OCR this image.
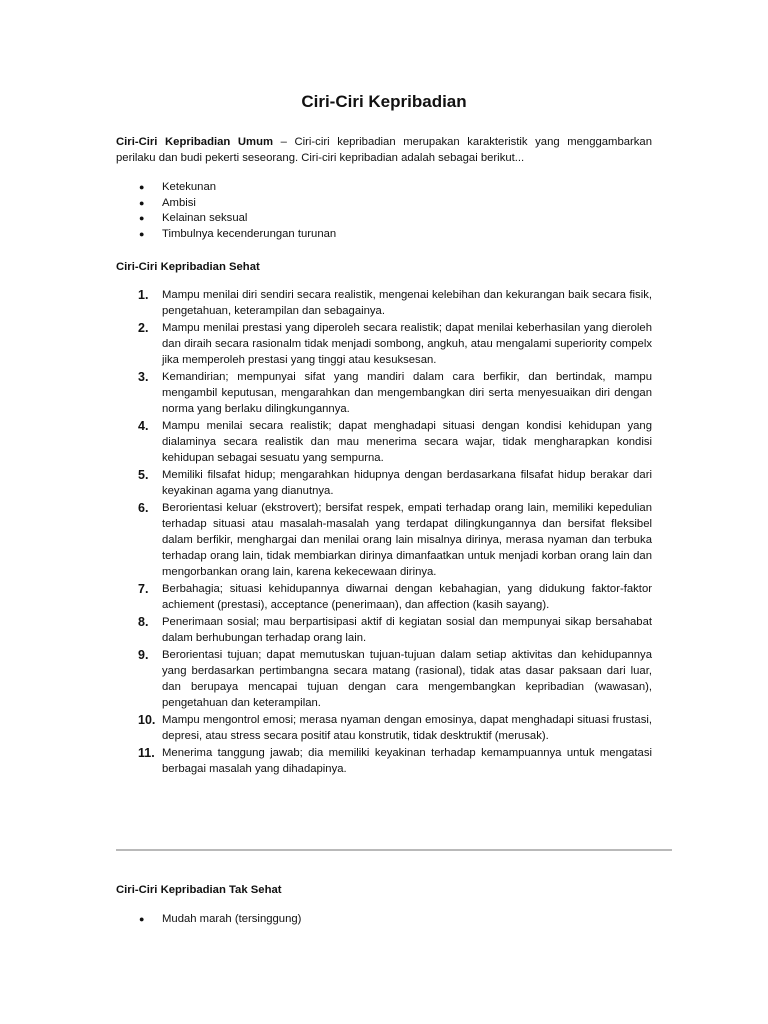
Ciri-Ciri Kepribadian

Ciri-Ciri Kepribadian Umum – Ciri-ciri kepribadian merupakan karakteristik yang menggambarkan perilaku dan budi pekerti seseorang. Ciri-ciri kepribadian adalah sebagai berikut...

● Ketekunan
● Ambisi
● Kelainan seksual
● Timbulnya kecenderungan turunan

Ciri-Ciri Kepribadian Sehat

1. Mampu menilai diri sendiri secara realistik, mengenai kelebihan dan kekurangan baik secara fisik, pengetahuan, keterampilan dan sebagainya.
2. Mampu menilai prestasi yang diperoleh secara realistik; dapat menilai keberhasilan yang dieroleh dan diraih secara rasionalm tidak menjadi sombong, angkuh, atau mengalami superiority compelx jika memperoleh prestasi yang tinggi atau kesuksesan.
3. Kemandirian; mempunyai sifat yang mandiri dalam cara berfikir, dan bertindak, mampu mengambil keputusan, mengarahkan dan mengembangkan diri serta menyesuaikan diri dengan norma yang berlaku dilingkungannya.
4. Mampu menilai secara realistik; dapat menghadapi situasi dengan kondisi kehidupan yang dialaminya secara realistik dan mau menerima secara wajar, tidak mengharapkan kondisi kehidupan sebagai sesuatu yang sempurna.
5. Memiliki filsafat hidup; mengarahkan hidupnya dengan berdasarkana filsafat hidup berakar dari keyakinan agama yang dianutnya.
6. Berorientasi keluar (ekstrovert); bersifat respek, empati terhadap orang lain, memiliki kepedulian terhadap situasi atau masalah-masalah yang terdapat dilingkungannya dan bersifat fleksibel dalam berfikir, menghargai dan menilai orang lain misalnya dirinya, merasa nyaman dan terbuka terhadap orang lain, tidak membiarkan dirinya dimanfaatkan untuk menjadi korban orang lain dan mengorbankan orang lain, karena kekecewaan dirinya.
7. Berbahagia; situasi kehidupannya diwarnai dengan kebahagian, yang didukung faktor-faktor achiement (prestasi), acceptance (penerimaan), dan affection (kasih sayang).
8. Penerimaan sosial; mau berpartisipasi aktif di kegiatan sosial dan mempunyai sikap bersahabat dalam berhubungan terhadap orang lain.
9. Berorientasi tujuan; dapat memutuskan tujuan-tujuan dalam setiap aktivitas dan kehidupannya yang berdasarkan pertimbangna secara matang (rasional), tidak atas dasar paksaan dari luar, dan berupaya mencapai tujuan dengan cara mengembangkan kepribadian (wawasan), pengetahuan dan keterampilan.
10. Mampu mengontrol emosi; merasa nyaman dengan emosinya, dapat menghadapi situasi frustasi, depresi, atau stress secara positif atau konstrutik, tidak desktruktif (merusak).
11. Menerima tanggung jawab; dia memiliki keyakinan terhadap kemampuannya untuk mengatasi berbagai masalah yang dihadapinya.

Ciri-Ciri Kepribadian Tak Sehat

● Mudah marah (tersinggung)
